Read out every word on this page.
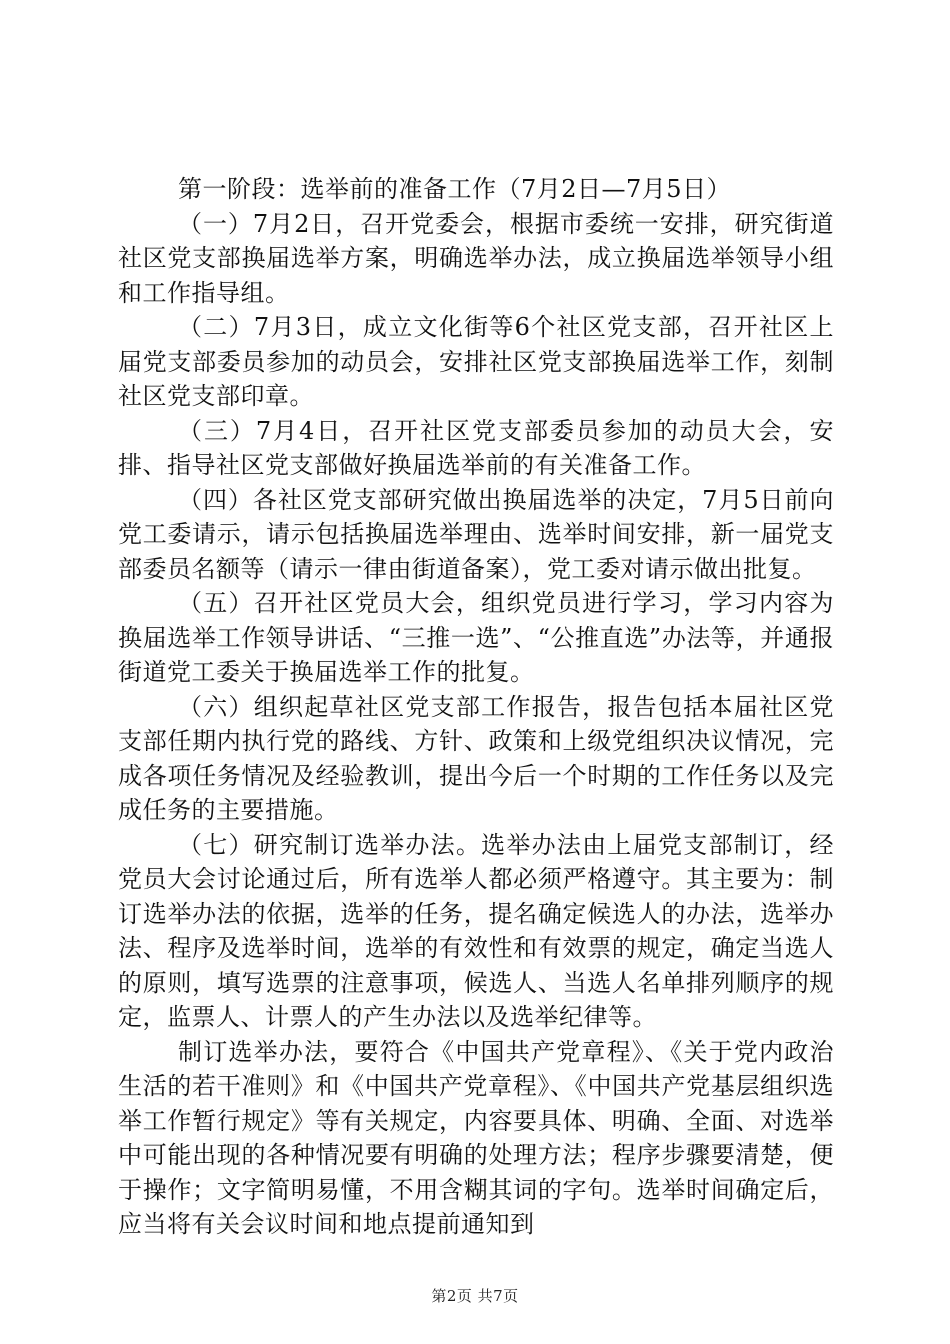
第一阶段：选举前的准备工作（7月2日—7月5日）

（一）7月2日，召开党委会，根据市委统一安排，研究街道社区党支部换届选举方案，明确选举办法，成立换届选举领导小组和工作指导组。

（二）7月3日，成立文化街等6个社区党支部，召开社区上届党支部委员参加的动员会，安排社区党支部换届选举工作，刻制社区党支部印章。

（三）7月4日，召开社区党支部委员参加的动员大会，安排、指导社区党支部做好换届选举前的有关准备工作。

（四）各社区党支部研究做出换届选举的决定，7月5日前向党工委请示，请示包括换届选举理由、选举时间安排，新一届党支部委员名额等（请示一律由街道备案），党工委对请示做出批复。

（五）召开社区党员大会，组织党员进行学习，学习内容为换届选举工作领导讲话、“三推一选”、“公推直选”办法等，并通报街道党工委关于换届选举工作的批复。

（六）组织起草社区党支部工作报告，报告包括本届社区党支部任期内执行党的路线、方针、政策和上级党组织决议情况，完成各项任务情况及经验教训，提出今后一个时期的工作任务以及完成任务的主要措施。

（七）研究制订选举办法。选举办法由上届党支部制订，经党员大会讨论通过后，所有选举人都必须严格遵守。其主要为：制订选举办法的依据，选举的任务，提名确定候选人的办法，选举办法、程序及选举时间，选举的有效性和有效票的规定，确定当选人的原则，填写选票的注意事项，候选人、当选人名单排列顺序的规定，监票人、计票人的产生办法以及选举纪律等。

制订选举办法，要符合《中国共产党章程》、《关于党内政治生活的若干准则》和《中国共产党章程》、《中国共产党基层组织选举工作暂行规定》等有关规定，内容要具体、明确、全面、对选举中可能出现的各种情况要有明确的处理方法；程序步骤要清楚，便于操作；文字简明易懂，不用含糊其词的字句。选举时间确定后，应当将有关会议时间和地点提前通知到

第2页 共7页
